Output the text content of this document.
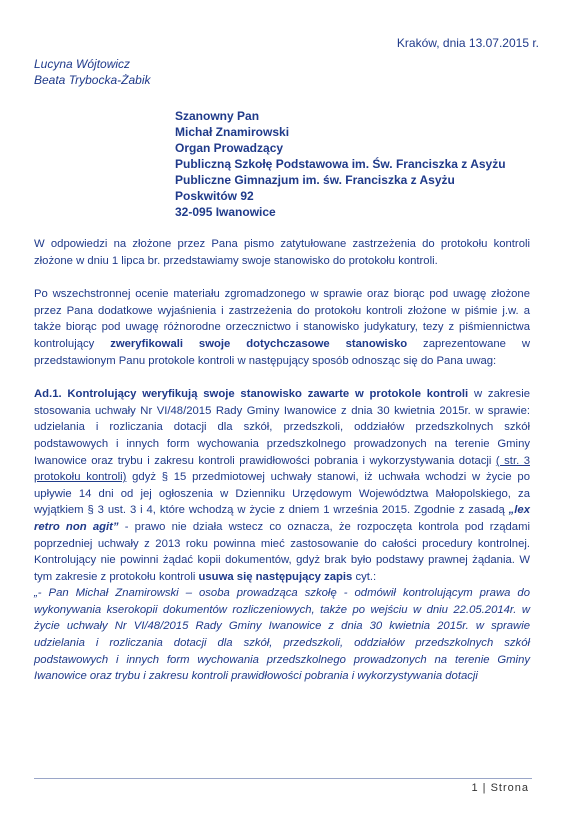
Kraków, dnia 13.07.2015 r.
Lucyna Wójtowicz
Beata Trybocka-Żabik
Szanowny Pan
Michał Znamirowski
Organ Prowadzący
Publiczną Szkołę Podstawowa im. Św. Franciszka z Asyżu
Publiczne Gimnazjum im. św. Franciszka z Asyżu
Poskwitów 92
32-095 Iwanowice

W odpowiedzi na złożone przez Pana pismo zatytułowane zastrzeżenia do protokołu kontroli złożone w dniu 1 lipca br. przedstawiamy swoje stanowisko do protokołu kontroli.

Po wszechstronnej ocenie materiału zgromadzonego w sprawie oraz biorąc pod uwagę złożone przez Pana dodatkowe wyjaśnienia i zastrzeżenia do protokołu kontroli złożone w piśmie j.w. a także biorąc pod uwagę różnorodne orzecznictwo i stanowisko judykatury, tezy z piśmiennictwa kontrolujący zweryfikowali swoje dotychczasowe stanowisko zaprezentowane w przedstawionym Panu protokole kontroli w następujący sposób odnosząc się do Pana uwag:

Ad.1. Kontrolujący weryfikują swoje stanowisko zawarte w protokole kontroli w zakresie stosowania uchwały Nr VI/48/2015 Rady Gminy Iwanowice z dnia 30 kwietnia 2015r. w sprawie: udzielania i rozliczania dotacji dla szkół, przedszkoli, oddziałów przedszkolnych szkół podstawowych i innych form wychowania przedszkolnego prowadzonych na terenie Gminy Iwanowice oraz trybu i zakresu kontroli prawidłowości pobrania i wykorzystywania dotacji ( str. 3 protokołu kontroli) gdyż § 15 przedmiotowej uchwały stanowi, iż uchwała wchodzi w życie po upływie 14 dni od jej ogłoszenia w Dzienniku Urzędowym Województwa Małopolskiego, za wyjątkiem § 3 ust. 3 i 4, które wchodzą w życie z dniem 1 września 2015. Zgodnie z zasadą „lex retro non agit” - prawo nie działa wstecz co oznacza, że rozpoczęta kontrola pod rządami poprzedniej uchwały z 2013 roku powinna mieć zastosowanie do całości procedury kontrolnej. Kontrolujący nie powinni żądać kopii dokumentów, gdyż brak było podstawy prawnej żądania. W tym zakresie z protokołu kontroli usuwa się następujący zapis cyt.:

„- Pan Michał Znamirowski – osoba prowadząca szkołę - odmówił kontrolującym prawa do wykonywania kserokopii dokumentów rozliczeniowych, także po wejściu w dniu 22.05.2014r. w życie uchwały Nr VI/48/2015 Rady Gminy Iwanowice z dnia 30 kwietnia 2015r. w sprawie udzielania i rozliczania dotacji dla szkół, przedszkoli, oddziałów przedszkolnych szkół podstawowych i innych form wychowania przedszkolnego prowadzonych na terenie Gminy Iwanowice oraz trybu i zakresu kontroli prawidłowości pobrania i wykorzystywania dotacji

1 | Strona
